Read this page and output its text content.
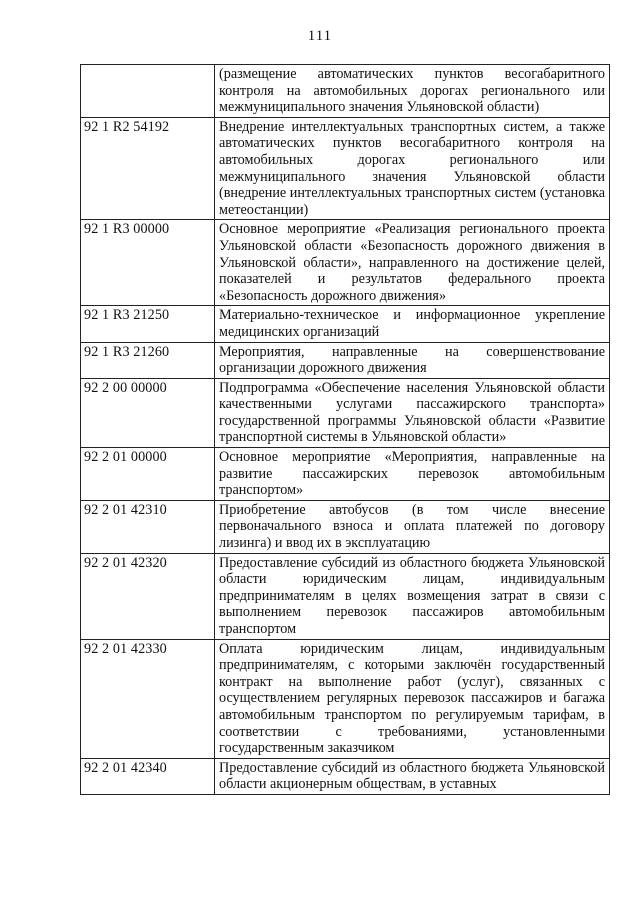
111
	(размещение автоматических пунктов весогабаритного контроля на автомобильных дорогах регионального или межмуниципального значения Ульяновской области)
92 1 R2 54192	Внедрение интеллектуальных транспортных систем, а также автоматических пунктов весогабаритного контроля на автомобильных дорогах регионального или межмуниципального значения Ульяновской области (внедрение интеллектуальных транспортных систем (установка метеостанции)
92 1 R3 00000	Основное мероприятие «Реализация регионального проекта Ульяновской области «Безопасность дорожного движения в Ульяновской области», направленного на достижение целей, показателей и результатов федерального проекта «Безопасность дорожного движения»
92 1 R3 21250	Материально-техническое и информационное укрепление медицинских организаций
92 1 R3 21260	Мероприятия, направленные на совершенствование организации дорожного движения
92 2 00 00000	Подпрограмма «Обеспечение населения Ульяновской области качественными услугами пассажирского транспорта» государственной программы Ульяновской области «Развитие транспортной системы в Ульяновской области»
92 2 01 00000	Основное мероприятие «Мероприятия, направленные на развитие пассажирских перевозок автомобильным транспортом»
92 2 01 42310	Приобретение автобусов (в том числе внесение первоначального взноса и оплата платежей по договору лизинга) и ввод их в эксплуатацию
92 2 01 42320	Предоставление субсидий из областного бюджета Ульяновской области юридическим лицам, индивидуальным предпринимателям в целях возмещения затрат в связи с выполнением перевозок пассажиров автомобильным транспортом
92 2 01 42330	Оплата юридическим лицам, индивидуальным предпринимателям, с которыми заключён государственный контракт на выполнение работ (услуг), связанных с осуществлением регулярных перевозок пассажиров и багажа автомобильным транспортом по регулируемым тарифам, в соответствии с требованиями, установленными государственным заказчиком
92 2 01 42340	Предоставление субсидий из областного бюджета Ульяновской области акционерным обществам, в уставных
